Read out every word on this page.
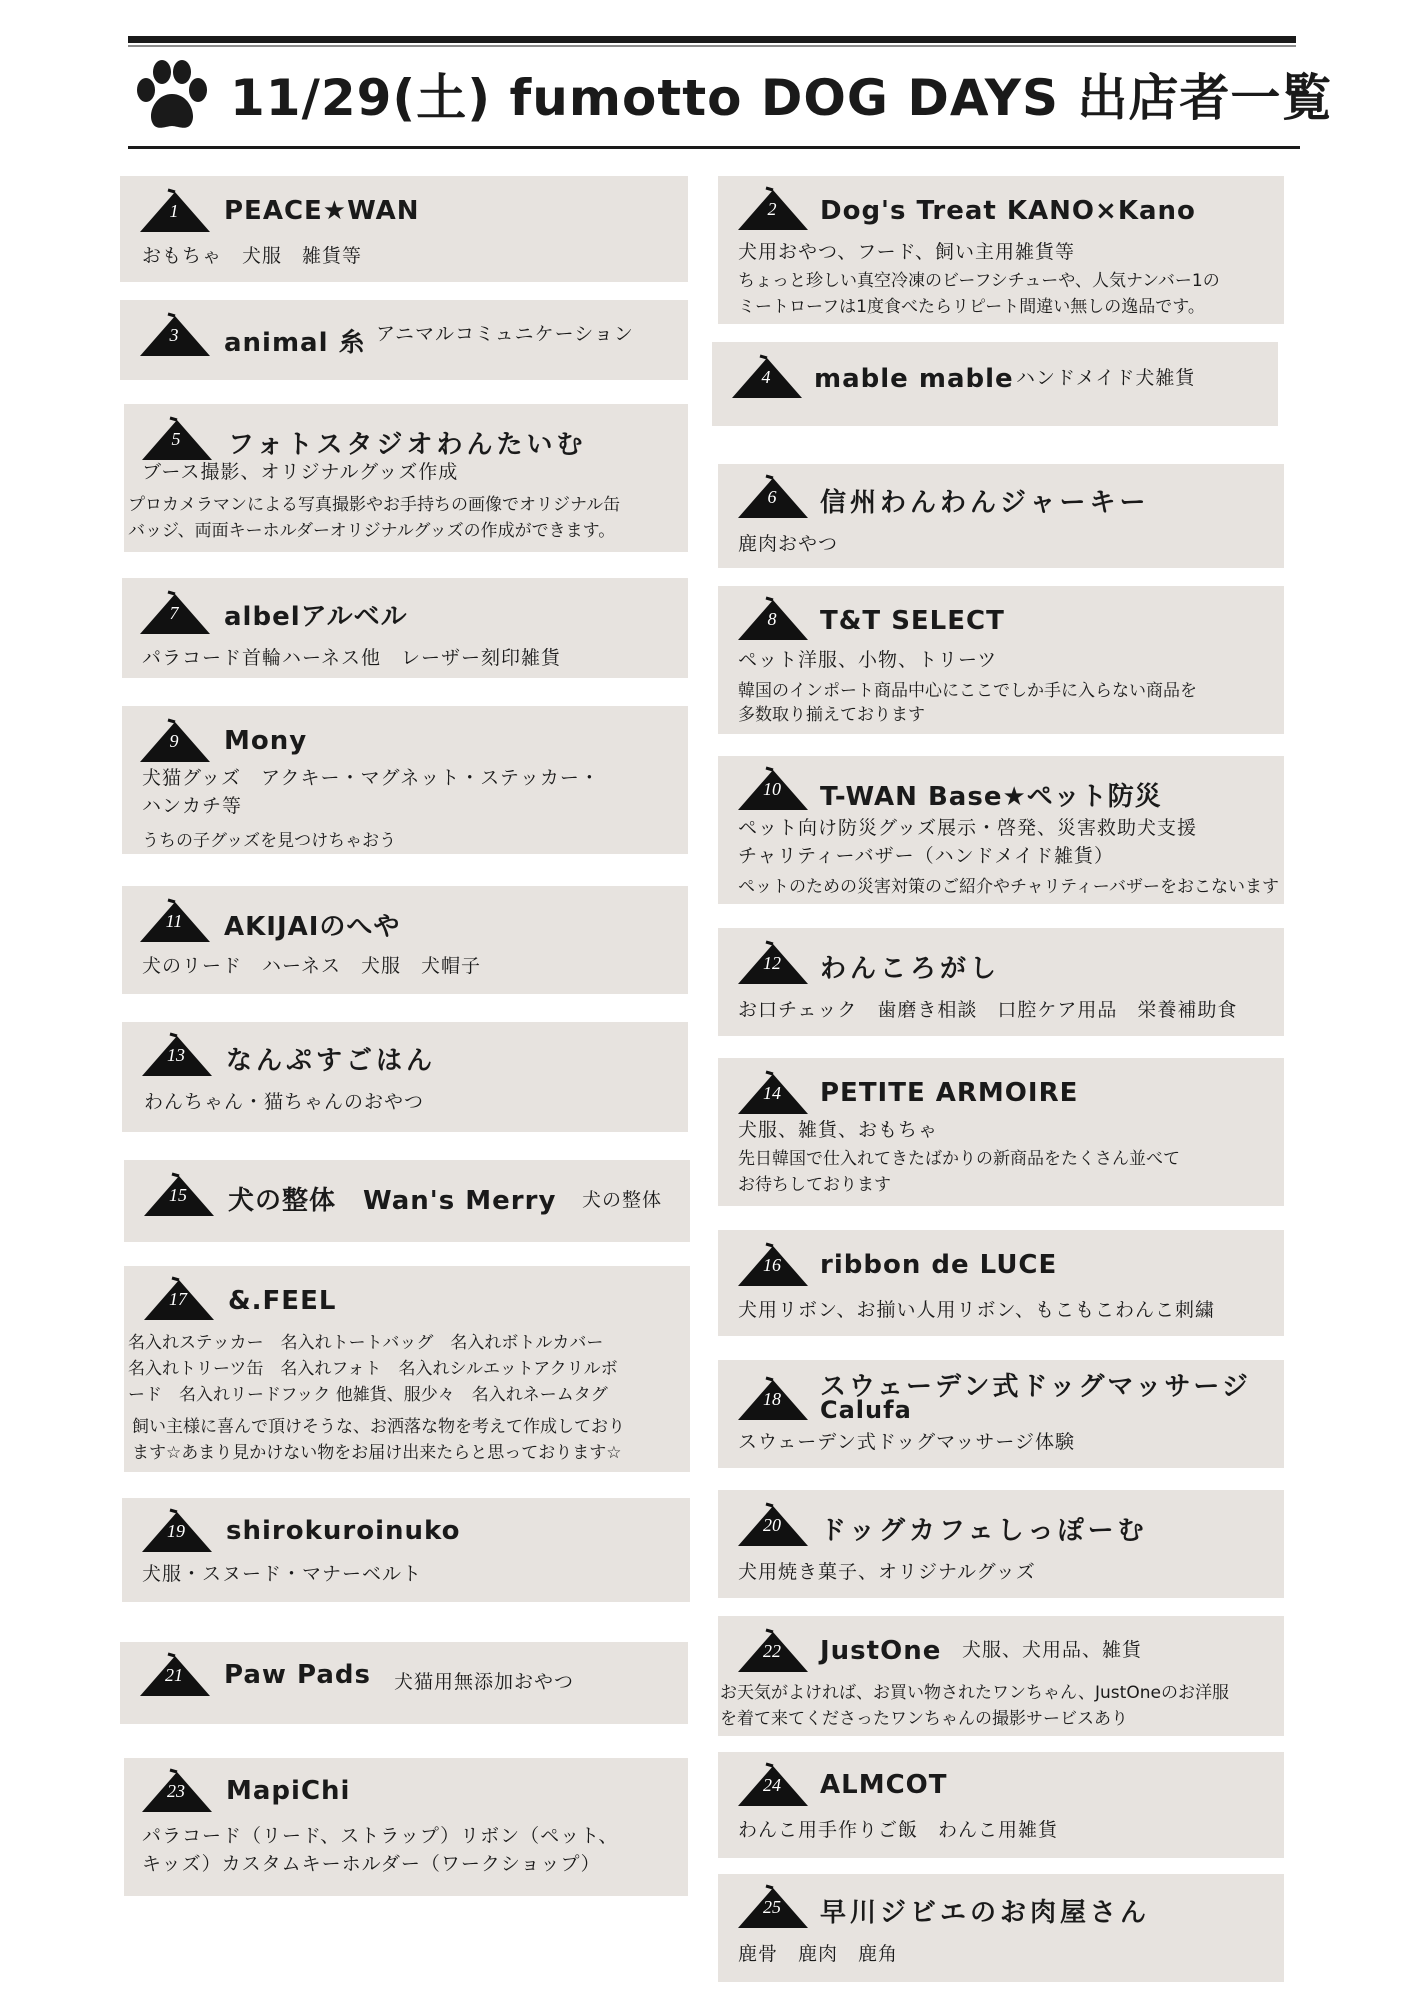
11/29(土) fumotto DOG DAYS 出店者一覧
1	PEACE★WAN
おもちゃ　犬服　雑貨等
3	animal 糸 アニマルコミュニケーション
5	フォトスタジオわんたいむ
ブース撮影、オリジナルグッズ作成
プロカメラマンによる写真撮影やお手持ちの画像でオリジナル缶
バッジ、両面キーホルダーオリジナルグッズの作成ができます。
7	albelアルベル
パラコード首輪ハーネス他　レーザー刻印雑貨
9	Mony
犬猫グッズ　アクキー・マグネット・ステッカー・
ハンカチ等
うちの子グッズを見つけちゃおう
11	AKIJAIのへや
犬のリード　ハーネス　犬服　犬帽子
13	なんぷすごはん
わんちゃん・猫ちゃんのおやつ
15	犬の整体　Wan's Merry 犬の整体
17	&.FEEL
名入れステッカー　名入れトートバッグ　名入れボトルカバー
名入れトリーツ缶　名入れフォト　名入れシルエットアクリルボ
ード　名入れリードフック 他雑貨、服少々　名入れネームタグ
飼い主様に喜んで頂けそうな、お洒落な物を考えて作成しており
ます☆あまり見かけない物をお届け出来たらと思っております☆
19	shirokuroinuko
犬服・スヌード・マナーベルト
21	Paw Pads 犬猫用無添加おやつ
23	MapiChi
パラコード（リード、ストラップ）リボン（ペット、
キッズ）カスタムキーホルダー（ワークショップ）
2	Dog's Treat KANO×Kano
犬用おやつ、フード、飼い主用雑貨等
ちょっと珍しい真空冷凍のビーフシチューや、人気ナンバー1の
ミートローフは1度食べたらリピート間違い無しの逸品です。
4	mable mable ハンドメイド犬雑貨
6	信州わんわんジャーキー
鹿肉おやつ
8	T&T SELECT
ペット洋服、小物、トリーツ
韓国のインポート商品中心にここでしか手に入らない商品を
多数取り揃えております
10	T-WAN Base★ペット防災
ペット向け防災グッズ展示・啓発、災害救助犬支援
チャリティーバザー（ハンドメイド雑貨）
ペットのための災害対策のご紹介やチャリティーバザーをおこないます
12	わんころがし
お口チェック　歯磨き相談　口腔ケア用品　栄養補助食
14	PETITE ARMOIRE
犬服、雑貨、おもちゃ
先日韓国で仕入れてきたばかりの新商品をたくさん並べて
お待ちしております
16	ribbon de LUCE
犬用リボン、お揃い人用リボン、もこもこわんこ刺繍
18	スウェーデン式ドッグマッサージ
Calufa
スウェーデン式ドッグマッサージ体験
20	ドッグカフェしっぽーむ
犬用焼き菓子、オリジナルグッズ
22	JustOne 犬服、犬用品、雑貨
お天気がよければ、お買い物されたワンちゃん、JustOneのお洋服
を着て来てくださったワンちゃんの撮影サービスあり
24	ALMCOT
わんこ用手作りご飯　わんこ用雑貨
25	早川ジビエのお肉屋さん
鹿骨　鹿肉　鹿角
